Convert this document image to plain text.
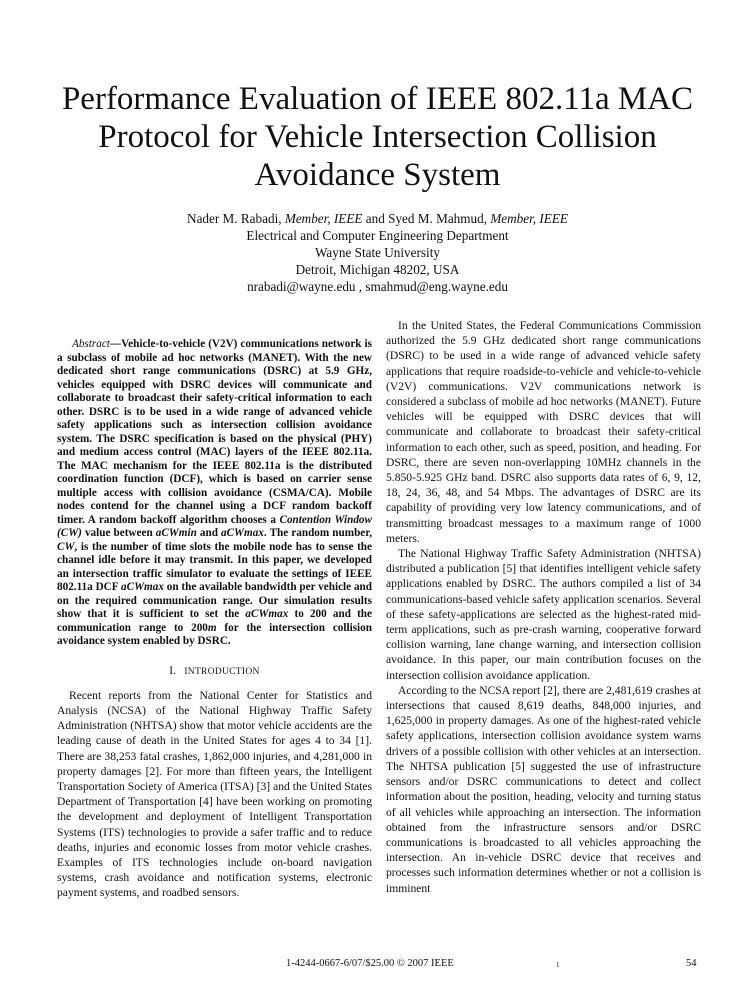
Performance Evaluation of IEEE 802.11a MAC
Protocol for Vehicle Intersection Collision
Avoidance System
Nader M. Rabadi, Member, IEEE and Syed M. Mahmud, Member, IEEE
Electrical and Computer Engineering Department
Wayne State University
Detroit, Michigan 48202, USA
nrabadi@wayne.edu , smahmud@eng.wayne.edu

Abstract—Vehicle-to-vehicle (V2V) communications network is a subclass of mobile ad hoc networks (MANET). With the new dedicated short range communications (DSRC) at 5.9 GHz, vehicles equipped with DSRC devices will communicate and collaborate to broadcast their safety-critical information to each other. DSRC is to be used in a wide range of advanced vehicle safety applications such as intersection collision avoidance system. The DSRC specification is based on the physical (PHY) and medium access control (MAC) layers of the IEEE 802.11a. The MAC mechanism for the IEEE 802.11a is the distributed coordination function (DCF), which is based on carrier sense multiple access with collision avoidance (CSMA/CA). Mobile nodes contend for the channel using a DCF random backoff timer. A random backoff algorithm chooses a Contention Window (CW) value between aCWmin and aCWmax. The random number, CW, is the number of time slots the mobile node has to sense the channel idle before it may transmit. In this paper, we developed an intersection traffic simulator to evaluate the settings of IEEE 802.11a DCF aCWmax on the available bandwidth per vehicle and on the required communication range. Our simulation results show that it is sufficient to set the aCWmax to 200 and the communication range to 200m for the intersection collision avoidance system enabled by DSRC.

I. INTRODUCTION

Recent reports from the National Center for Statistics and Analysis (NCSA) of the National Highway Traffic Safety Administration (NHTSA) show that motor vehicle accidents are the leading cause of death in the United States for ages 4 to 34 [1]. There are 38,253 fatal crashes, 1,862,000 injuries, and 4,281,000 in property damages [2]. For more than fifteen years, the Intelligent Transportation Society of America (ITSA) [3] and the United States Department of Transportation [4] have been working on promoting the development and deployment of Intelligent Transportation Systems (ITS) technologies to provide a safer traffic and to reduce deaths, injuries and economic losses from motor vehicle crashes. Examples of ITS technologies include on-board navigation systems, crash avoidance and notification systems, electronic payment systems, and roadbed sensors.

In the United States, the Federal Communications Commission authorized the 5.9 GHz dedicated short range communications (DSRC) to be used in a wide range of advanced vehicle safety applications that require roadside-to-vehicle and vehicle-to-vehicle (V2V) communications. V2V communications network is considered a subclass of mobile ad hoc networks (MANET). Future vehicles will be equipped with DSRC devices that will communicate and collaborate to broadcast their safety-critical information to each other, such as speed, position, and heading. For DSRC, there are seven non-overlapping 10MHz channels in the 5.850-5.925 GHz band. DSRC also supports data rates of 6, 9, 12, 18, 24, 36, 48, and 54 Mbps. The advantages of DSRC are its capability of providing very low latency communications, and of transmitting broadcast messages to a maximum range of 1000 meters.

The National Highway Traffic Safety Administration (NHTSA) distributed a publication [5] that identifies intelligent vehicle safety applications enabled by DSRC. The authors compiled a list of 34 communications-based vehicle safety application scenarios. Several of these safety-applications are selected as the highest-rated mid-term applications, such as pre-crash warning, cooperative forward collision warning, lane change warning, and intersection collision avoidance. In this paper, our main contribution focuses on the intersection collision avoidance application.

According to the NCSA report [2], there are 2,481,619 crashes at intersections that caused 8,619 deaths, 848,000 injuries, and 1,625,000 in property damages. As one of the highest-rated vehicle safety applications, intersection collision avoidance system warns drivers of a possible collision with other vehicles at an intersection. The NHTSA publication [5] suggested the use of infrastructure sensors and/or DSRC communications to detect and collect information about the position, heading, velocity and turning status of all vehicles while approaching an intersection. The information obtained from the infrastructure sensors and/or DSRC communications is broadcasted to all vehicles approaching the intersection. An in-vehicle DSRC device that receives and processes such information determines whether or not a collision is imminent

1-4244-0667-6/07/$25.00 © 2007 IEEE	1	54
